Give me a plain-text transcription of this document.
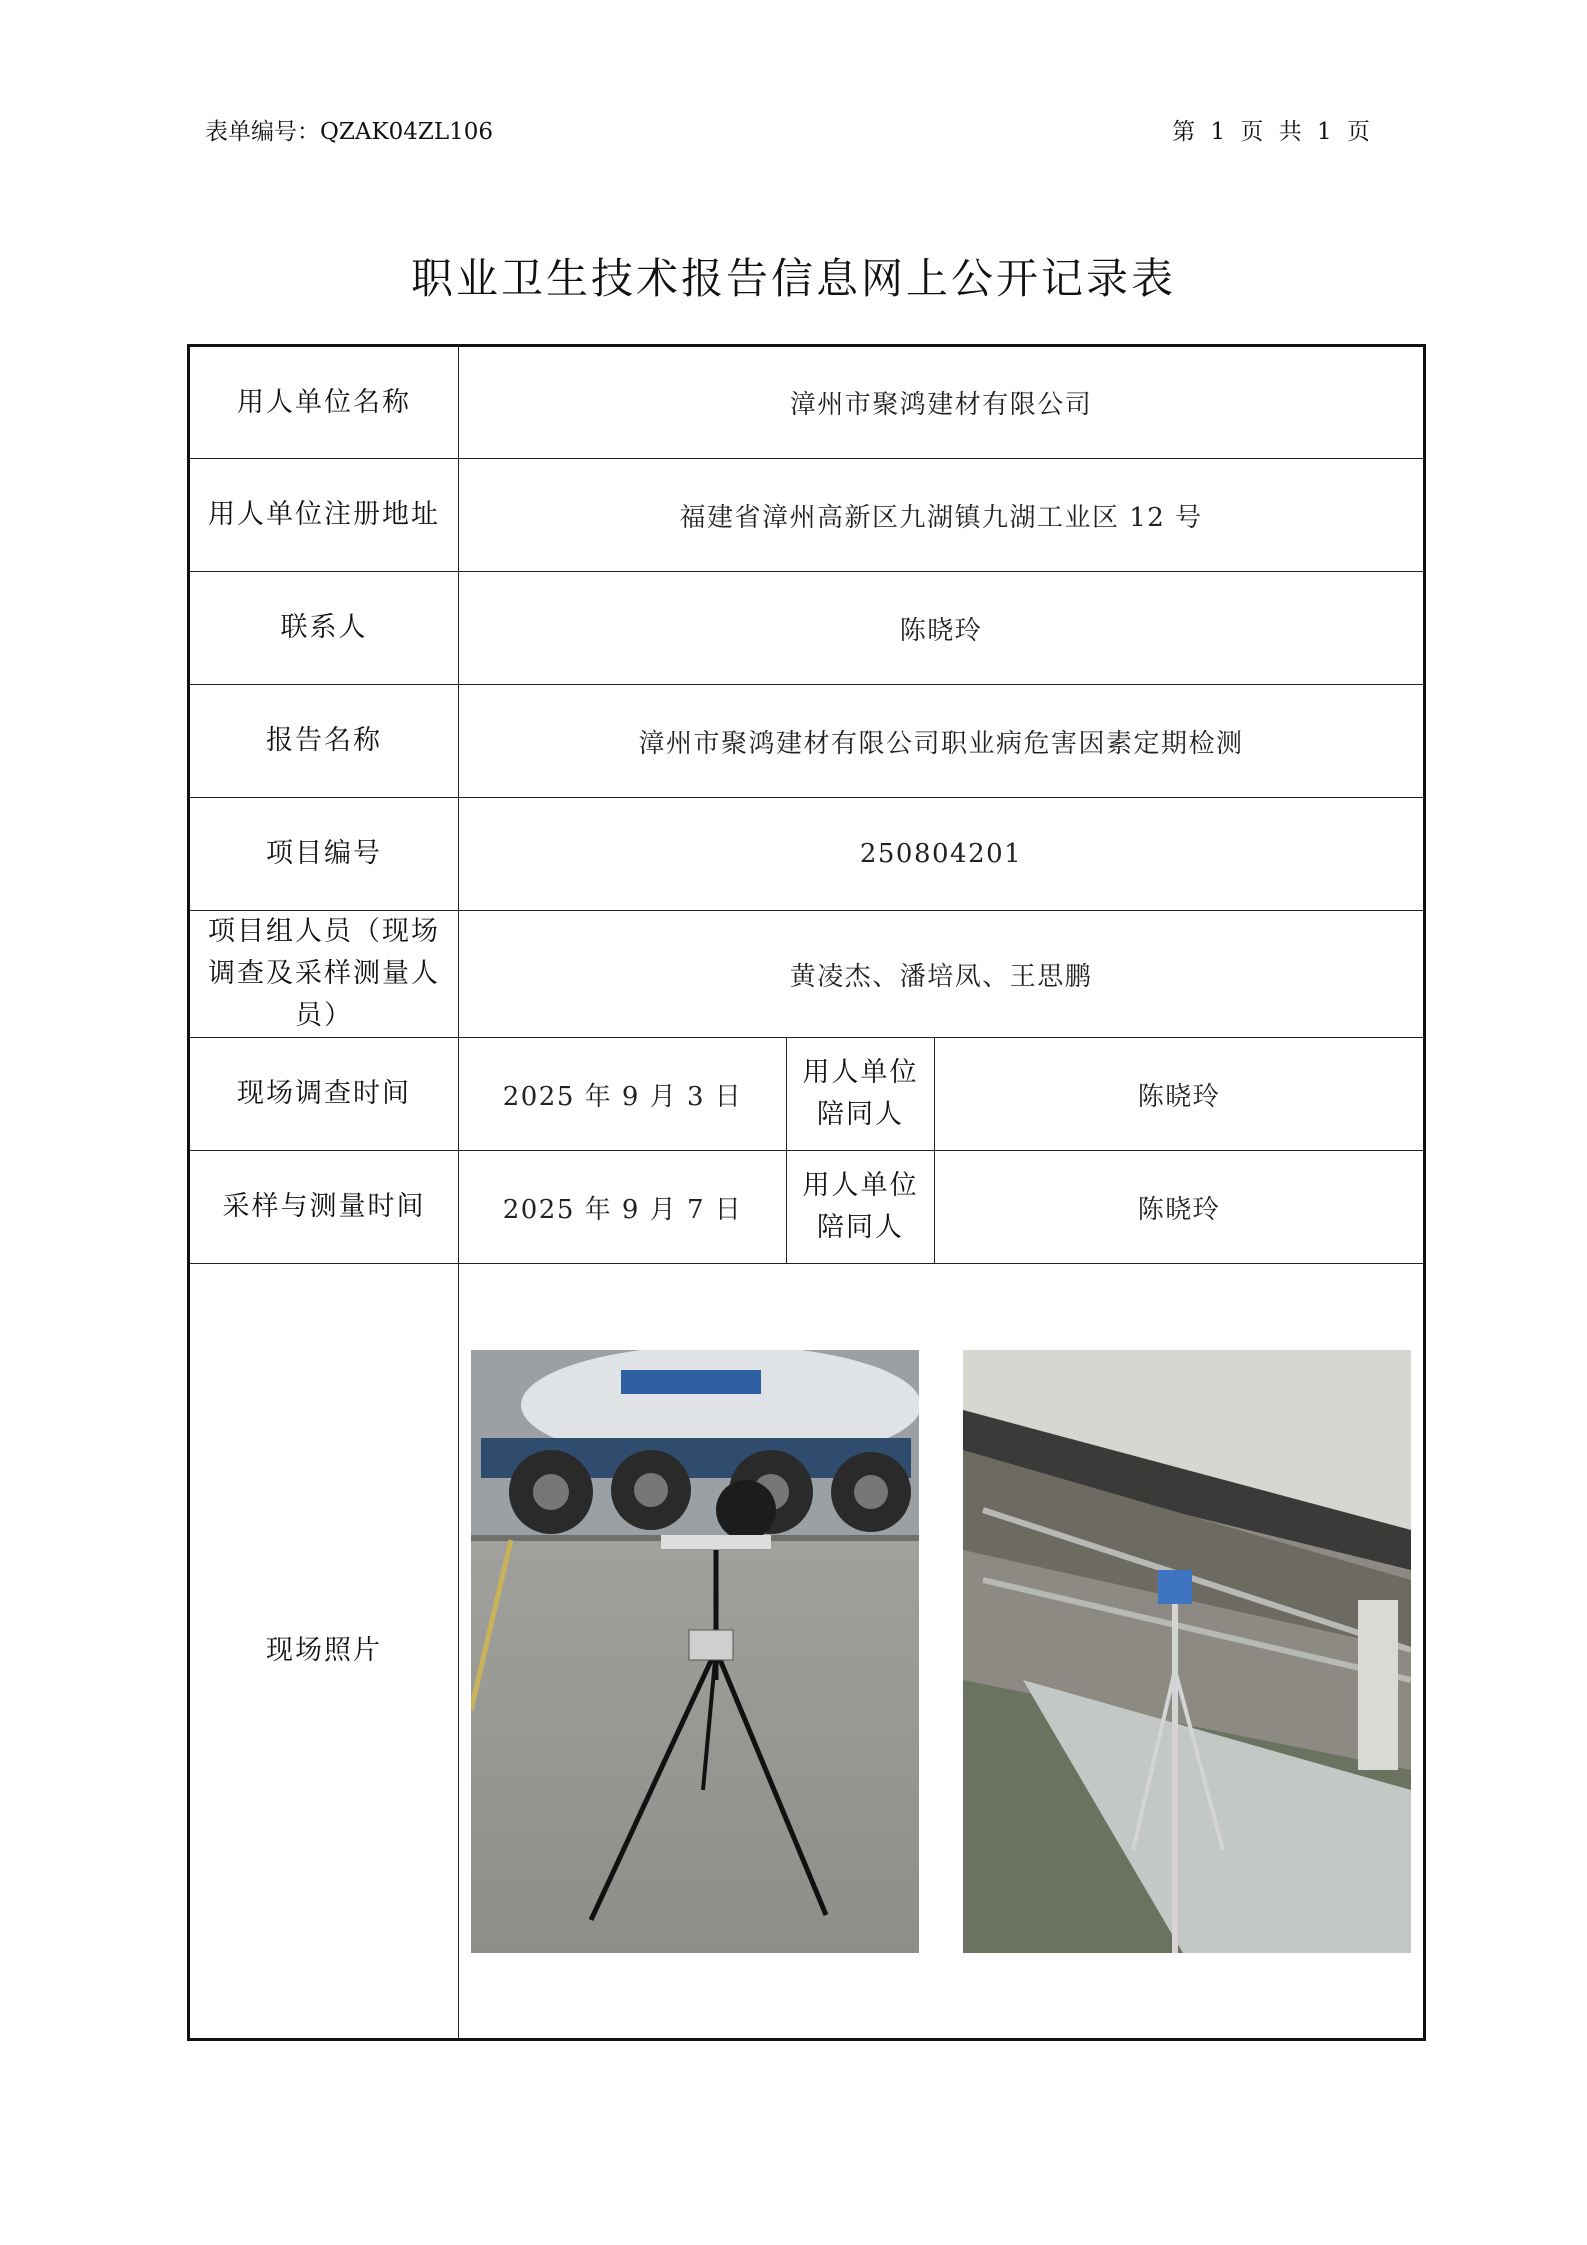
表单编号：QZAK04ZL106	第 1 页 共 1 页
职业卫生技术报告信息网上公开记录表
用人单位名称	漳州市聚鸿建材有限公司		
用人单位注册地址	福建省漳州高新区九湖镇九湖工业区 12 号		
联系人	陈晓玲		
报告名称	漳州市聚鸿建材有限公司职业病危害因素定期检测		
项目编号	250804201		
项目组人员（现场调查及采样测量人员）	黄凌杰、潘培凤、王思鹏		
现场调查时间	2025 年 9 月 3 日	用人单位陪同人	陈晓玲
采样与测量时间	2025 年 9 月 7 日	用人单位陪同人	陈晓玲
现场照片	
